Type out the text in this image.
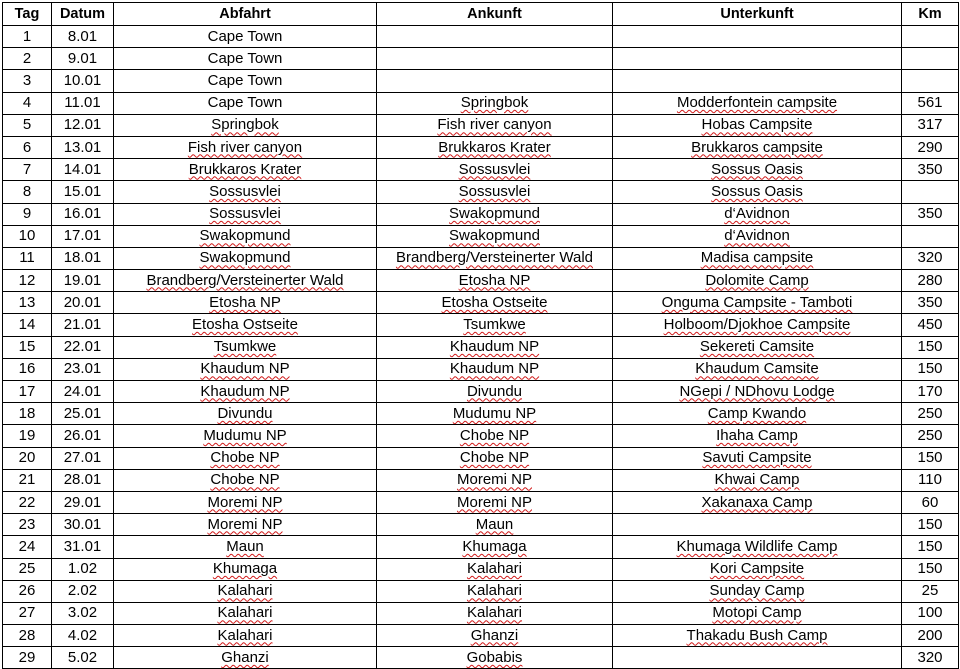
Tag	Datum	Abfahrt	Ankunft	Unterkunft	Km
1	8.01	Cape Town			
2	9.01	Cape Town			
3	10.01	Cape Town			
4	11.01	Cape Town	Springbok	Modderfontein campsite	561
5	12.01	Springbok	Fish river canyon	Hobas Campsite	317
6	13.01	Fish river canyon	Brukkaros Krater	Brukkaros campsite	290
7	14.01	Brukkaros Krater	Sossusvlei	Sossus Oasis	350
8	15.01	Sossusvlei	Sossusvlei	Sossus Oasis	
9	16.01	Sossusvlei	Swakopmund	d‘Avidnon	350
10	17.01	Swakopmund	Swakopmund	d‘Avidnon	
11	18.01	Swakopmund	Brandberg/Versteinerter Wald	Madisa campsite	320
12	19.01	Brandberg/Versteinerter Wald	Etosha NP	Dolomite Camp	280
13	20.01	Etosha NP	Etosha Ostseite	Onguma Campsite - Tamboti	350
14	21.01	Etosha Ostseite	Tsumkwe	Holboom/Djokhoe Campsite	450
15	22.01	Tsumkwe	Khaudum NP	Sekereti Camsite	150
16	23.01	Khaudum NP	Khaudum NP	Khaudum Camsite	150
17	24.01	Khaudum NP	Divundu	NGepi / NDhovu Lodge	170
18	25.01	Divundu	Mudumu NP	Camp Kwando	250
19	26.01	Mudumu NP	Chobe NP	Ihaha Camp	250
20	27.01	Chobe NP	Chobe NP	Savuti Campsite	150
21	28.01	Chobe NP	Moremi NP	Khwai Camp	110
22	29.01	Moremi NP	Moremi NP	Xakanaxa Camp	60
23	30.01	Moremi NP	Maun		150
24	31.01	Maun	Khumaga	Khumaga Wildlife Camp	150
25	1.02	Khumaga	Kalahari	Kori Campsite	150
26	2.02	Kalahari	Kalahari	Sunday Camp	25
27	3.02	Kalahari	Kalahari	Motopi Camp	100
28	4.02	Kalahari	Ghanzi	Thakadu Bush Camp	200
29	5.02	Ghanzi	Gobabis		320
